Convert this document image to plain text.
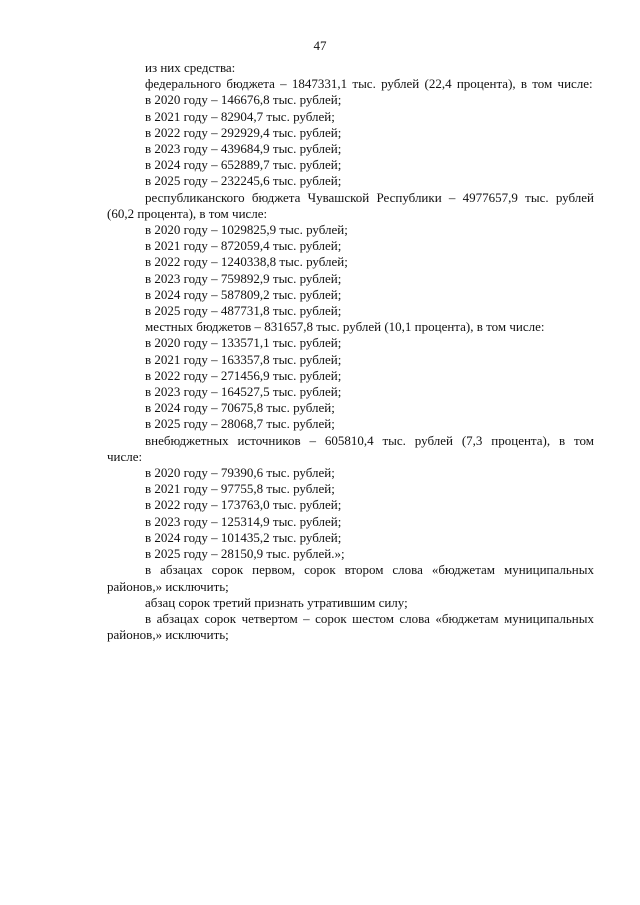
47
из них средства:
федерального бюджета – 1847331,1 тыс. рублей (22,4 процента), в том числе:
в 2020 году – 146676,8 тыс. рублей;
в 2021 году – 82904,7 тыс. рублей;
в 2022 году – 292929,4 тыс. рублей;
в 2023 году – 439684,9 тыс. рублей;
в 2024 году – 652889,7 тыс. рублей;
в 2025 году – 232245,6 тыс. рублей;
республиканского бюджета Чувашской Республики – 4977657,9 тыс. рублей (60,2 процента), в том числе:
в 2020 году – 1029825,9 тыс. рублей;
в 2021 году – 872059,4 тыс. рублей;
в 2022 году – 1240338,8 тыс. рублей;
в 2023 году – 759892,9 тыс. рублей;
в 2024 году – 587809,2 тыс. рублей;
в 2025 году – 487731,8 тыс. рублей;
местных бюджетов – 831657,8 тыс. рублей (10,1 процента), в том числе:
в 2020 году – 133571,1 тыс. рублей;
в 2021 году – 163357,8 тыс. рублей;
в 2022 году – 271456,9 тыс. рублей;
в 2023 году – 164527,5 тыс. рублей;
в 2024 году – 70675,8 тыс. рублей;
в 2025 году – 28068,7 тыс. рублей;
внебюджетных источников – 605810,4 тыс. рублей (7,3 процента), в том числе:
в 2020 году – 79390,6 тыс. рублей;
в 2021 году – 97755,8 тыс. рублей;
в 2022 году – 173763,0 тыс. рублей;
в 2023 году – 125314,9 тыс. рублей;
в 2024 году – 101435,2 тыс. рублей;
в 2025 году – 28150,9 тыс. рублей.»;
в абзацах сорок первом, сорок втором слова «бюджетам муниципальных районов,» исключить;
абзац сорок третий признать утратившим силу;
в абзацах сорок четвертом – сорок шестом слова «бюджетам муниципальных районов,» исключить;
